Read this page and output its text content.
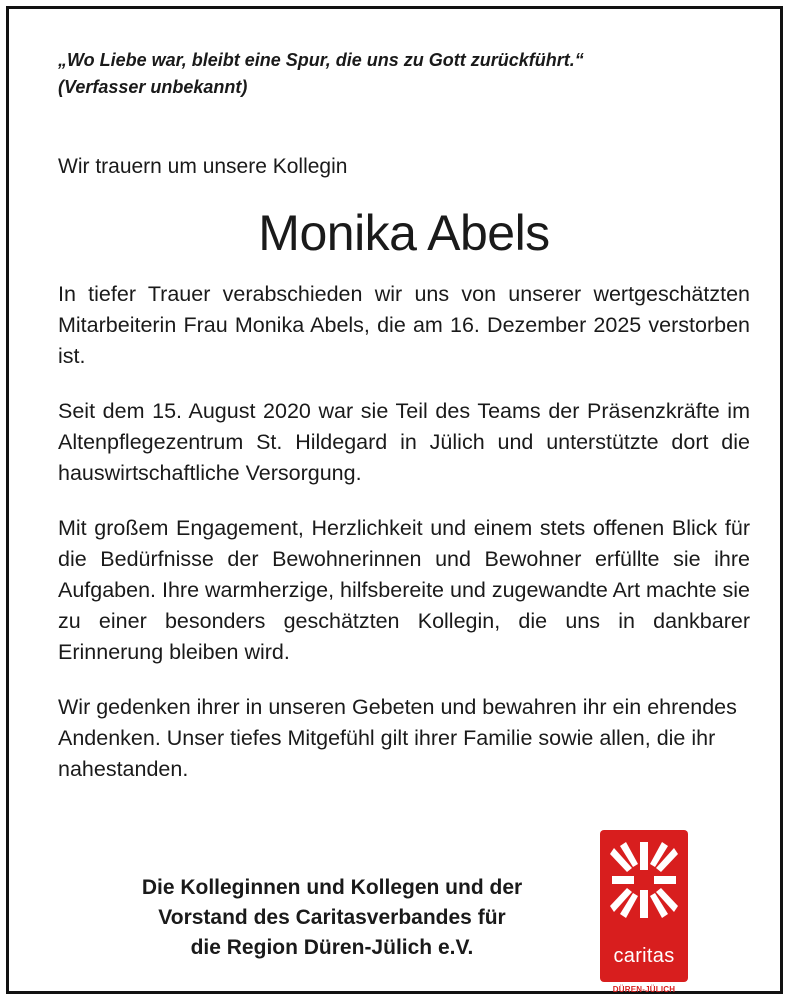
„Wo Liebe war, bleibt eine Spur, die uns zu Gott zurückführt.“
(Verfasser unbekannt)

Wir trauern um unsere Kollegin

Monika Abels

In tiefer Trauer verabschieden wir uns von unserer wertgeschätzten Mitarbeiterin Frau Monika Abels, die am 16. Dezember 2025 verstorben ist.

Seit dem 15. August 2020 war sie Teil des Teams der Präsenzkräfte im Altenpflegezentrum St. Hildegard in Jülich und unterstützte dort die hauswirtschaftliche Versorgung.

Mit großem Engagement, Herzlichkeit und einem stets offenen Blick für die Bedürfnisse der Bewohnerinnen und Bewohner erfüllte sie ihre Aufgaben. Ihre warmherzige, hilfsbereite und zugewandte Art machte sie zu einer besonders geschätzten Kollegin, die uns in dankbarer Erinnerung bleiben wird.

Wir gedenken ihrer in unseren Gebeten und bewahren ihr ein ehrendes Andenken. Unser tiefes Mitgefühl gilt ihrer Familie sowie allen, die ihr nahestanden.

Die Kolleginnen und Kollegen und der
Vorstand des Caritasverbandes für
die Region Düren-Jülich e.V.	caritas
DÜREN-JÜLICH
